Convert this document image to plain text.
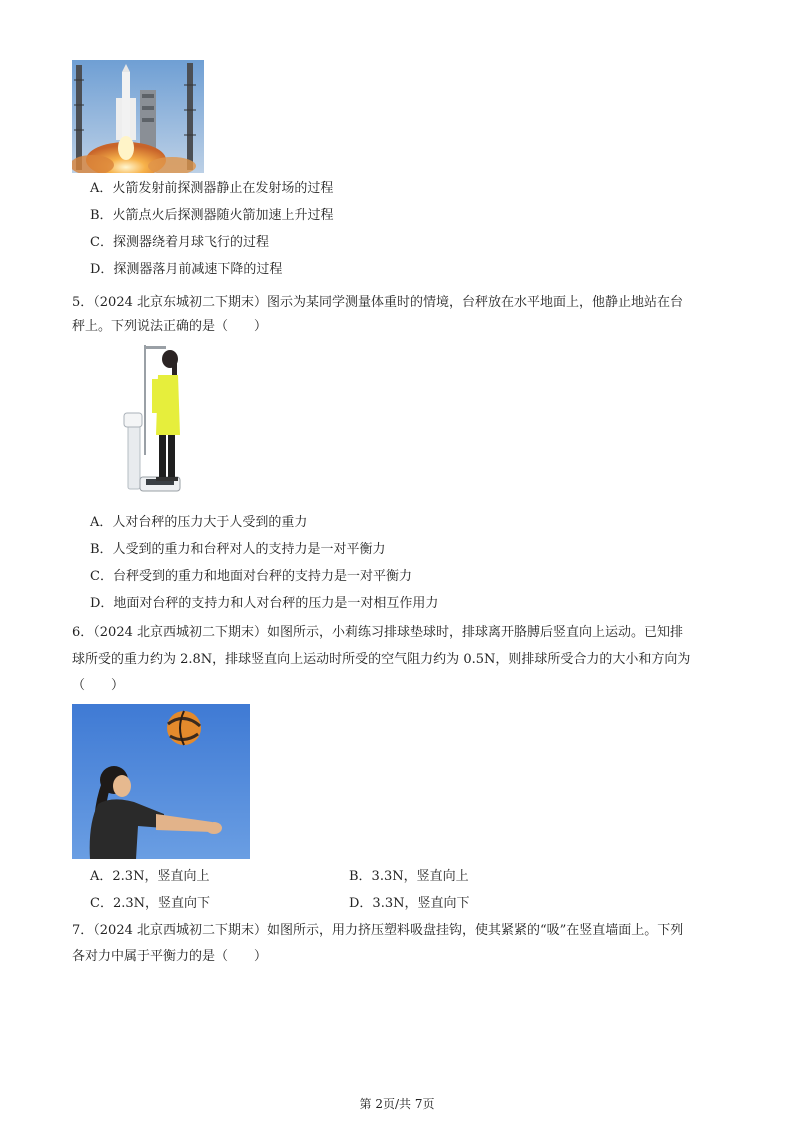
A．火箭发射前探测器静止在发射场的过程
B．火箭点火后探测器随火箭加速上升过程
C．探测器绕着月球飞行的过程
D．探测器落月前减速下降的过程
5．（2024 北京东城初二下期末）图示为某同学测量体重时的情境，台秤放在水平地面上，他静止地站在台
秤上。下列说法正确的是（　　）
A．人对台秤的压力大于人受到的重力
B．人受到的重力和台秤对人的支持力是一对平衡力
C．台秤受到的重力和地面对台秤的支持力是一对平衡力
D．地面对台秤的支持力和人对台秤的压力是一对相互作用力
6．（2024 北京西城初二下期末）如图所示，小莉练习排球垫球时，排球离开胳膊后竖直向上运动。已知排
球所受的重力约为 2.8N，排球竖直向上运动时所受的空气阻力约为 0.5N，则排球所受合力的大小和方向为
（　　）
A．2.3N，竖直向上	B．3.3N，竖直向上
C．2.3N，竖直向下	D．3.3N，竖直向下
7．（2024 北京西城初二下期末）如图所示，用力挤压塑料吸盘挂钩，使其紧紧的“吸”在竖直墙面上。下列
各对力中属于平衡力的是（　　）
第 2页/共 7页
